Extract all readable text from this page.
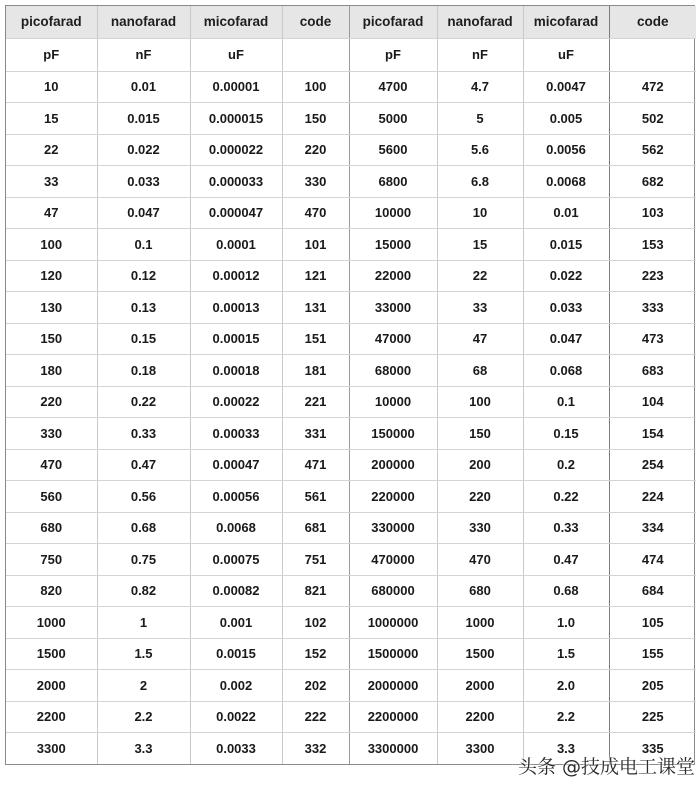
picofarad	nanofarad	micofarad	code	picofarad	nanofarad	micofarad	code
pF	nF	uF		pF	nF	uF	
10	0.01	0.00001	100	4700	4.7	0.0047	472
15	0.015	0.000015	150	5000	5	0.005	502
22	0.022	0.000022	220	5600	5.6	0.0056	562
33	0.033	0.000033	330	6800	6.8	0.0068	682
47	0.047	0.000047	470	10000	10	0.01	103
100	0.1	0.0001	101	15000	15	0.015	153
120	0.12	0.00012	121	22000	22	0.022	223
130	0.13	0.00013	131	33000	33	0.033	333
150	0.15	0.00015	151	47000	47	0.047	473
180	0.18	0.00018	181	68000	68	0.068	683
220	0.22	0.00022	221	10000	100	0.1	104
330	0.33	0.00033	331	150000	150	0.15	154
470	0.47	0.00047	471	200000	200	0.2	254
560	0.56	0.00056	561	220000	220	0.22	224
680	0.68	0.0068	681	330000	330	0.33	334
750	0.75	0.00075	751	470000	470	0.47	474
820	0.82	0.00082	821	680000	680	0.68	684
1000	1	0.001	102	1000000	1000	1.0	105
1500	1.5	0.0015	152	1500000	1500	1.5	155
2000	2	0.002	202	2000000	2000	2.0	205
2200	2.2	0.0022	222	2200000	2200	2.2	225
3300	3.3	0.0033	332	3300000	3300	3.3	335
头条 @技成电工课堂
